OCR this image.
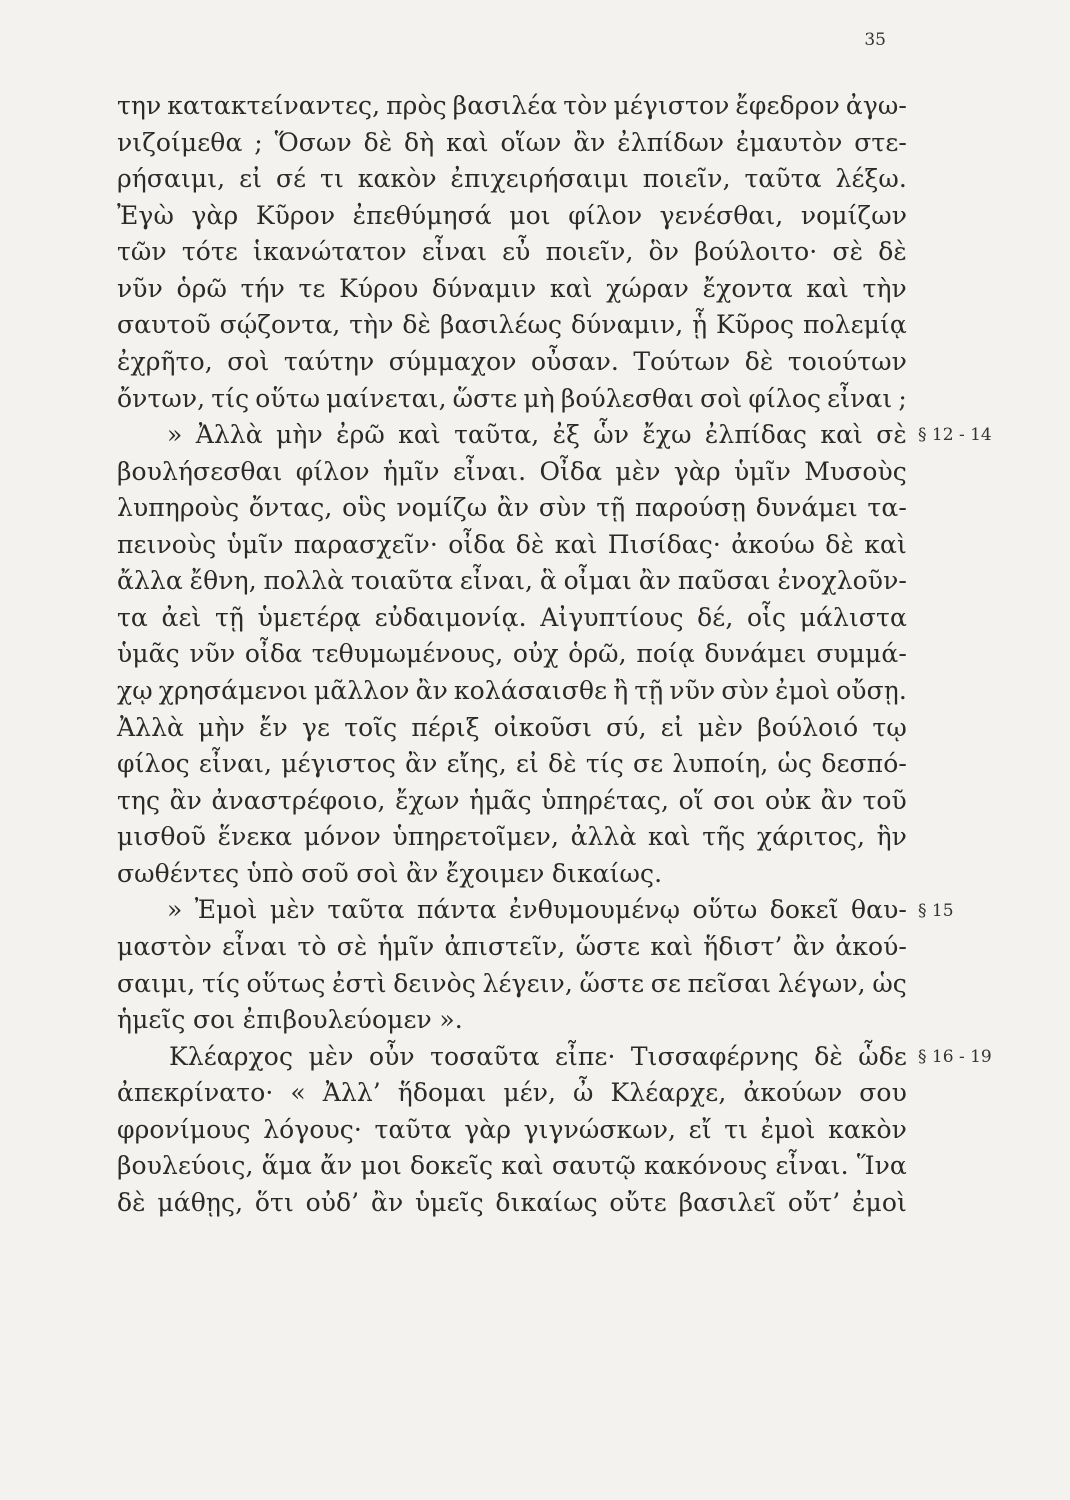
35
την κατακτείναντες, πρὸς βασιλέα τὸν μέγιστον ἔφεδρον ἀγω-
νιζοίμεθα ; Ὅσων δὲ δὴ καὶ οἵων ἂν ἐλπίδων ἐμαυτὸν στε-
ρήσαιμι, εἰ σέ τι κακὸν ἐπιχειρήσαιμι ποιεῖν, ταῦτα λέξω.
Ἐγὼ γὰρ Κῦρον ἐπεθύμησά μοι φίλον γενέσθαι, νομίζων
τῶν τότε ἱκανώτατον εἶναι εὖ ποιεῖν, ὃν βούλοιτο· σὲ δὲ
νῦν ὁρῶ τήν τε Κύρου δύναμιν καὶ χώραν ἔχοντα καὶ τὴν
σαυτοῦ σῴζοντα, τὴν δὲ βασιλέως δύναμιν, ᾗ Κῦρος πολεμίᾳ
ἐχρῆτο, σοὶ ταύτην σύμμαχον οὖσαν. Τούτων δὲ τοιούτων
ὄντων, τίς οὕτω μαίνεται, ὥστε μὴ βούλεσθαι σοὶ φίλος εἶναι ;
» Ἀλλὰ μὴν ἐρῶ καὶ ταῦτα, ἐξ ὧν ἔχω ἐλπίδας καὶ σὲ
βουλήσεσθαι φίλον ἡμῖν εἶναι. Οἶδα μὲν γὰρ ὑμῖν Μυσοὺς
λυπηροὺς ὄντας, οὓς νομίζω ἂν σὺν τῇ παρούσῃ δυνάμει τα-
πεινοὺς ὑμῖν παρασχεῖν· οἶδα δὲ καὶ Πισίδας· ἀκούω δὲ καὶ
ἄλλα ἔθνη, πολλὰ τοιαῦτα εἶναι, ἃ οἶμαι ἂν παῦσαι ἐνοχλοῦν-
τα ἀεὶ τῇ ὑμετέρᾳ εὐδαιμονίᾳ. Αἰγυπτίους δέ, οἷς μάλιστα
ὑμᾶς νῦν οἶδα τεθυμωμένους, οὐχ ὁρῶ, ποίᾳ δυνάμει συμμά-
χῳ χρησάμενοι μᾶλλον ἂν κολάσαισθε ἢ τῇ νῦν σὺν ἐμοὶ οὔσῃ.
Ἀλλὰ μὴν ἔν γε τοῖς πέριξ οἰκοῦσι σύ, εἰ μὲν βούλοιό τῳ
φίλος εἶναι, μέγιστος ἂν εἴης, εἰ δὲ τίς σε λυποίη, ὡς δεσπό-
της ἂν ἀναστρέφοιο, ἔχων ἡμᾶς ὑπηρέτας, οἵ σοι οὐκ ἂν τοῦ
μισθοῦ ἕνεκα μόνον ὑπηρετοῖμεν, ἀλλὰ καὶ τῆς χάριτος, ἣν
σωθέντες ὑπὸ σοῦ σοὶ ἂν ἔχοιμεν δικαίως.
» Ἐμοὶ μὲν ταῦτα πάντα ἐνθυμουμένῳ οὕτω δοκεῖ θαυ-
μαστὸν εἶναι τὸ σὲ ἡμῖν ἀπιστεῖν, ὥστε καὶ ἥδιστ’ ἂν ἀκού-
σαιμι, τίς οὕτως ἐστὶ δεινὸς λέγειν, ὥστε σε πεῖσαι λέγων, ὡς
ἡμεῖς σοι ἐπιβουλεύομεν ».
Κλέαρχος μὲν οὖν τοσαῦτα εἶπε· Τισσαφέρνης δὲ ὧδε
ἀπεκρίνατο· « Ἀλλ’ ἥδομαι μέν, ὦ Κλέαρχε, ἀκούων σου
φρονίμους λόγους· ταῦτα γὰρ γιγνώσκων, εἴ τι ἐμοὶ κακὸν
βουλεύοις, ἅμα ἄν μοι δοκεῖς καὶ σαυτῷ κακόνους εἶναι. Ἵνα
δὲ μάθῃς, ὅτι οὐδ’ ἂν ὑμεῖς δικαίως οὔτε βασιλεῖ οὔτ’ ἐμοὶ
§ 12 - 14
§ 15
§ 16 - 19
